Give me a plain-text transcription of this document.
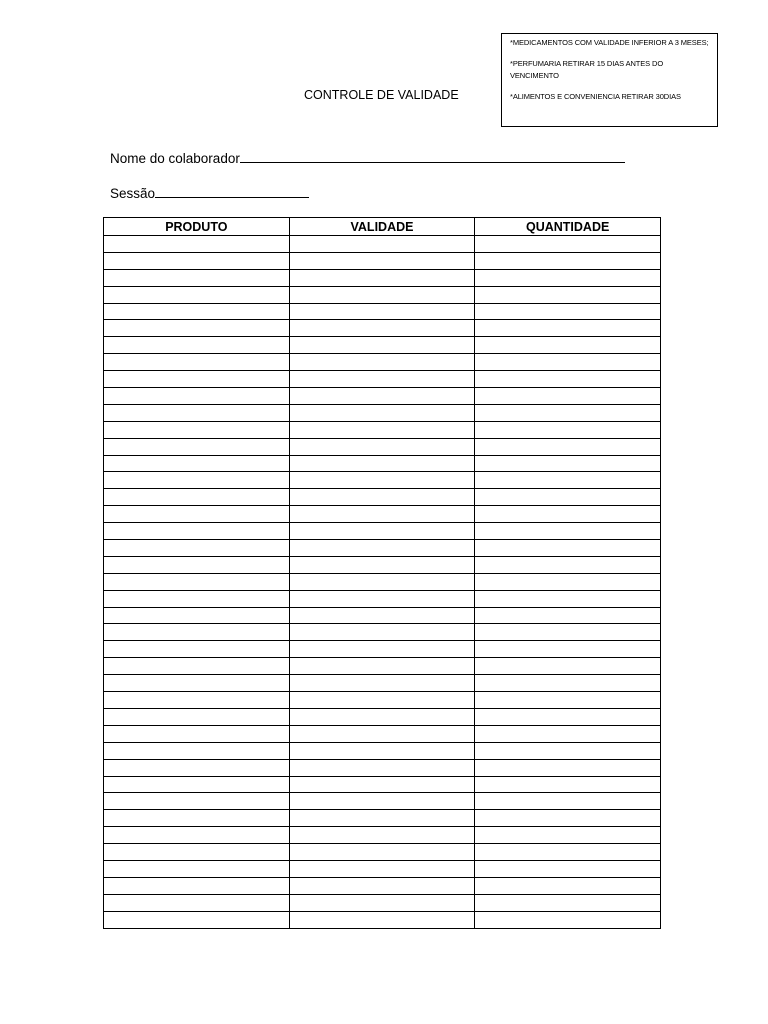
*MEDICAMENTOS COM VALIDADE INFERIOR A 3 MESES;

*PERFUMARIA RETIRAR 15 DIAS ANTES DO VENCIMENTO

*ALIMENTOS E CONVENIENCIA RETIRAR 30DIAS

CONTROLE DE VALIDADE
Nome do colaborador
Sessão
PRODUTO	VALIDADE	QUANTIDADE
